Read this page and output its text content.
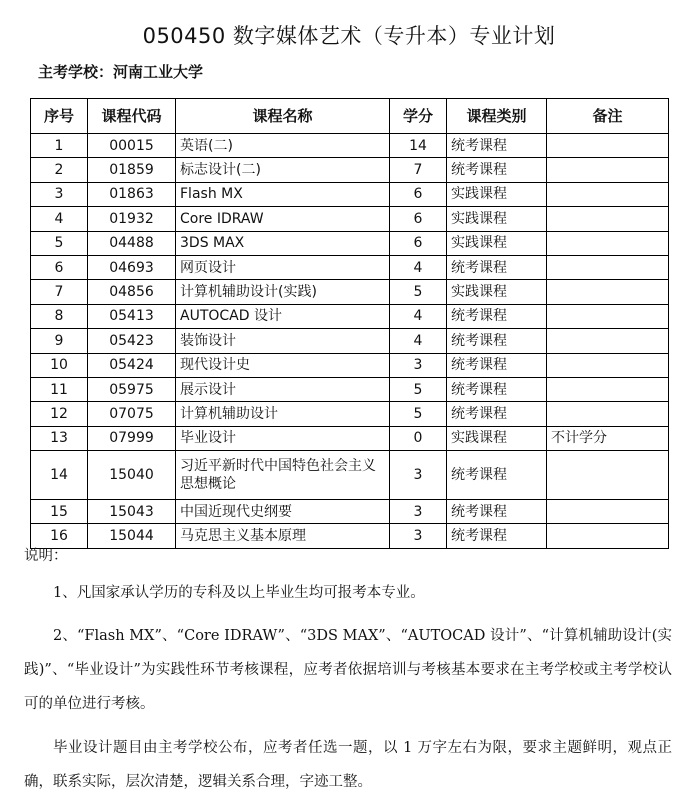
050450 数字媒体艺术（专升本）专业计划
主考学校：河南工业大学
序号	课程代码	课程名称	学分	课程类别	备注
1	00015	英语(二)	14	统考课程	
2	01859	标志设计(二)	7	统考课程	
3	01863	Flash MX	6	实践课程	
4	01932	Core IDRAW	6	实践课程	
5	04488	3DS MAX	6	实践课程	
6	04693	网页设计	4	统考课程	
7	04856	计算机辅助设计(实践)	5	实践课程	
8	05413	AUTOCAD 设计	4	统考课程	
9	05423	装饰设计	4	统考课程	
10	05424	现代设计史	3	统考课程	
11	05975	展示设计	5	统考课程	
12	07075	计算机辅助设计	5	统考课程	
13	07999	毕业设计	0	实践课程	不计学分
14	15040	习近平新时代中国特色社会主义思想概论	3	统考课程	
15	15043	中国近现代史纲要	3	统考课程	
16	15044	马克思主义基本原理	3	统考课程	
说明：

1、凡国家承认学历的专科及以上毕业生均可报考本专业。

2、“Flash MX”、“Core IDRAW”、“3DS MAX”、“AUTOCAD 设计”、“计算机辅助设计(实践)”、“毕业设计”为实践性环节考核课程，应考者依据培训与考核基本要求在主考学校或主考学校认可的单位进行考核。

毕业设计题目由主考学校公布，应考者任选一题，以 1 万字左右为限，要求主题鲜明，观点正确，联系实际，层次清楚，逻辑关系合理，字迹工整。
